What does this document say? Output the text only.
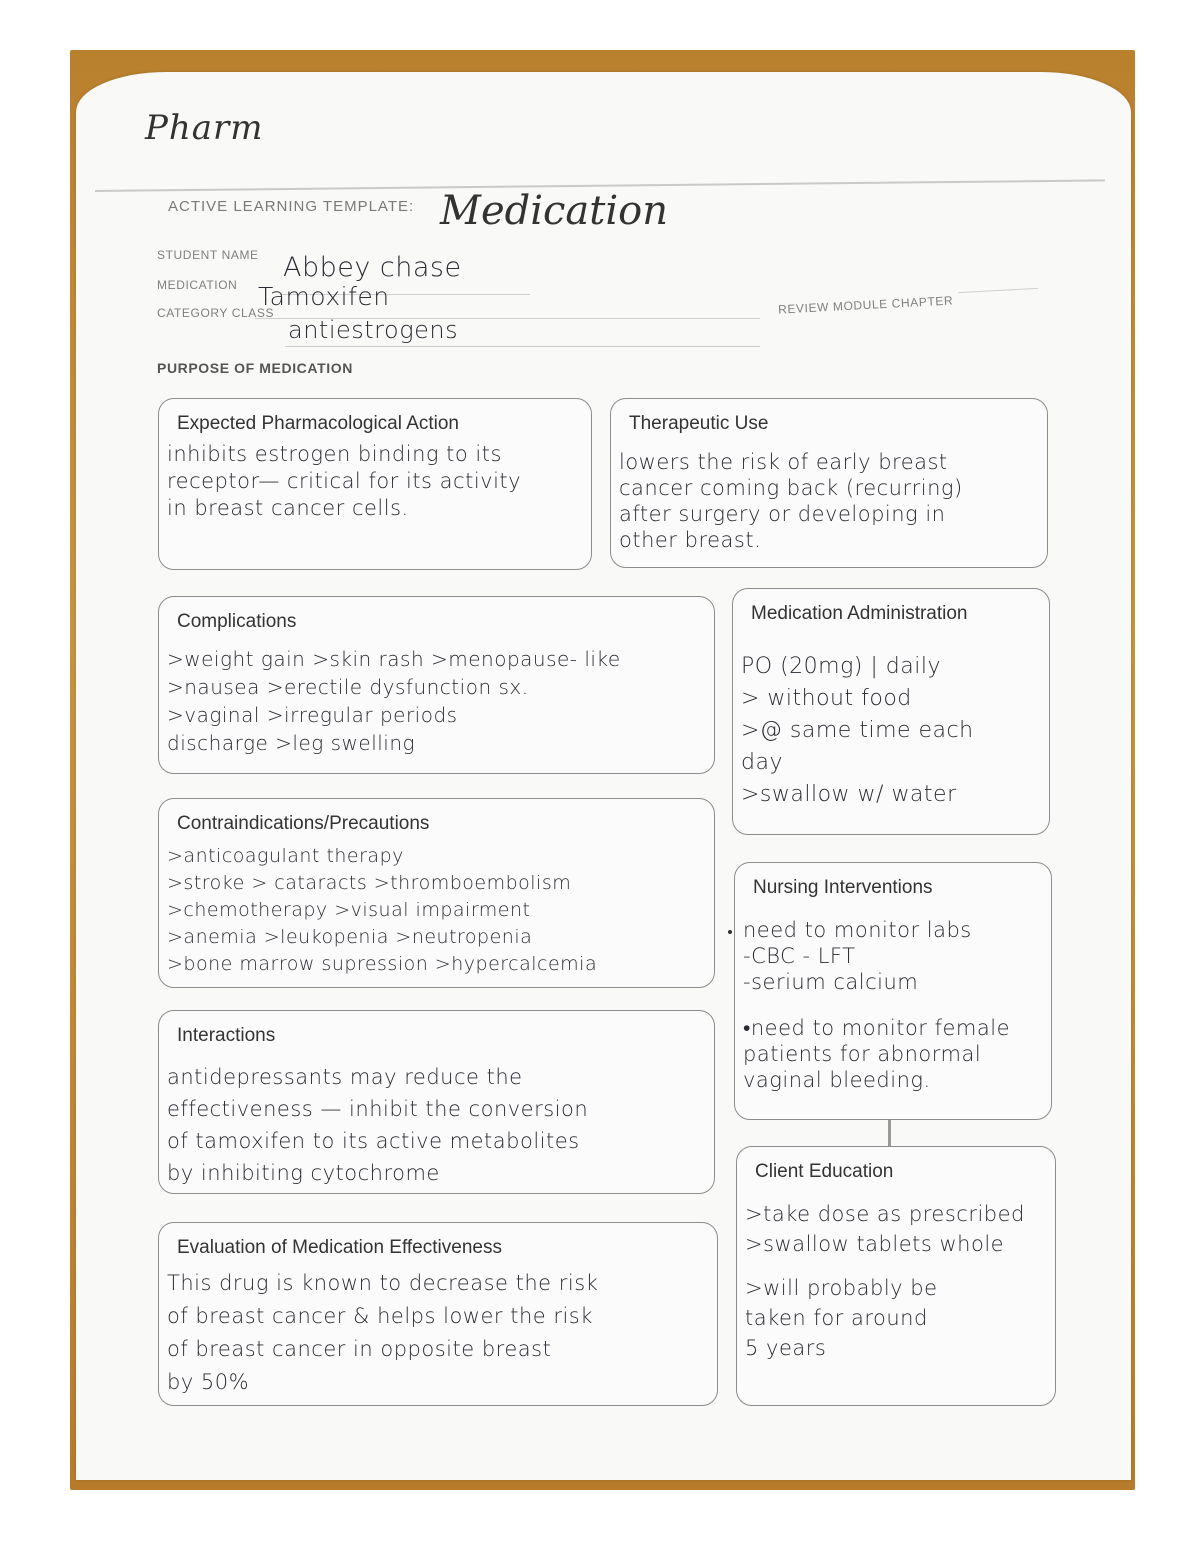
Pharm
ACTIVE LEARNING TEMPLATE: Medication
STUDENT NAME Abbey chase
MEDICATION Tamoxifen
CATEGORY CLASS
antiestrogens
REVIEW MODULE CHAPTER
PURPOSE OF MEDICATION
Expected Pharmacological Action
inhibits estrogen binding to its
receptor— critical for its activity
in breast cancer cells.
Therapeutic Use
lowers the risk of early breast
cancer coming back (recurring)
after surgery or developing in
other breast.
Complications
>weight gain >skin rash >menopause- like
>nausea >erectile dysfunction sx.
>vaginal >irregular periods
discharge >leg swelling
Medication Administration
PO (20mg) | daily
> without food
>@ same time each
day
>swallow w/ water
Contraindications/Precautions
>anticoagulant therapy
>stroke > cataracts >thromboembolism
>chemotherapy >visual impairment
>anemia >leukopenia >neutropenia
>bone marrow supression >hypercalcemia
Nursing Interventions
need to monitor labs
-CBC - LFT
-serium calcium
•need to monitor female
patients for abnormal
vaginal bleeding.
Interactions
antidepressants may reduce the
effectiveness — inhibit the conversion
of tamoxifen to its active metabolites
by inhibiting cytochrome	Client Education
>take dose as prescribed
>swallow tablets whole
>will probably be
taken for around
5 years
Evaluation of Medication Effectiveness
This drug is known to decrease the risk
of breast cancer & helps lower the risk
of breast cancer in opposite breast
by 50%
